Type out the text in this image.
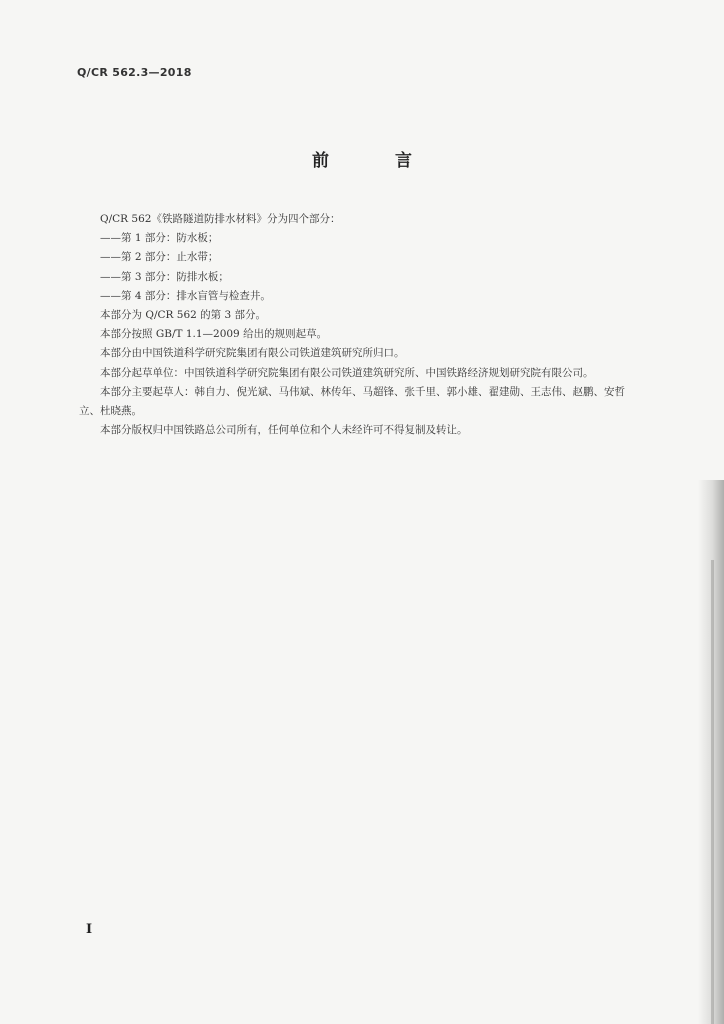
Q/CR 562.3—2018
前 言

Q/CR 562《铁路隧道防排水材料》分为四个部分：

——第 1 部分：防水板；

——第 2 部分：止水带；

——第 3 部分：防排水板；

——第 4 部分：排水盲管与检查井。

本部分为 Q/CR 562 的第 3 部分。

本部分按照 GB/T 1.1—2009 给出的规则起草。

本部分由中国铁道科学研究院集团有限公司铁道建筑研究所归口。

本部分起草单位：中国铁道科学研究院集团有限公司铁道建筑研究所、中国铁路经济规划研究院有限公司。

本部分主要起草人：韩自力、倪光斌、马伟斌、林传年、马超锋、张千里、郭小雄、翟建勋、王志伟、赵鹏、安哲立、杜晓燕。

本部分版权归中国铁路总公司所有，任何单位和个人未经许可不得复制及转让。

I
